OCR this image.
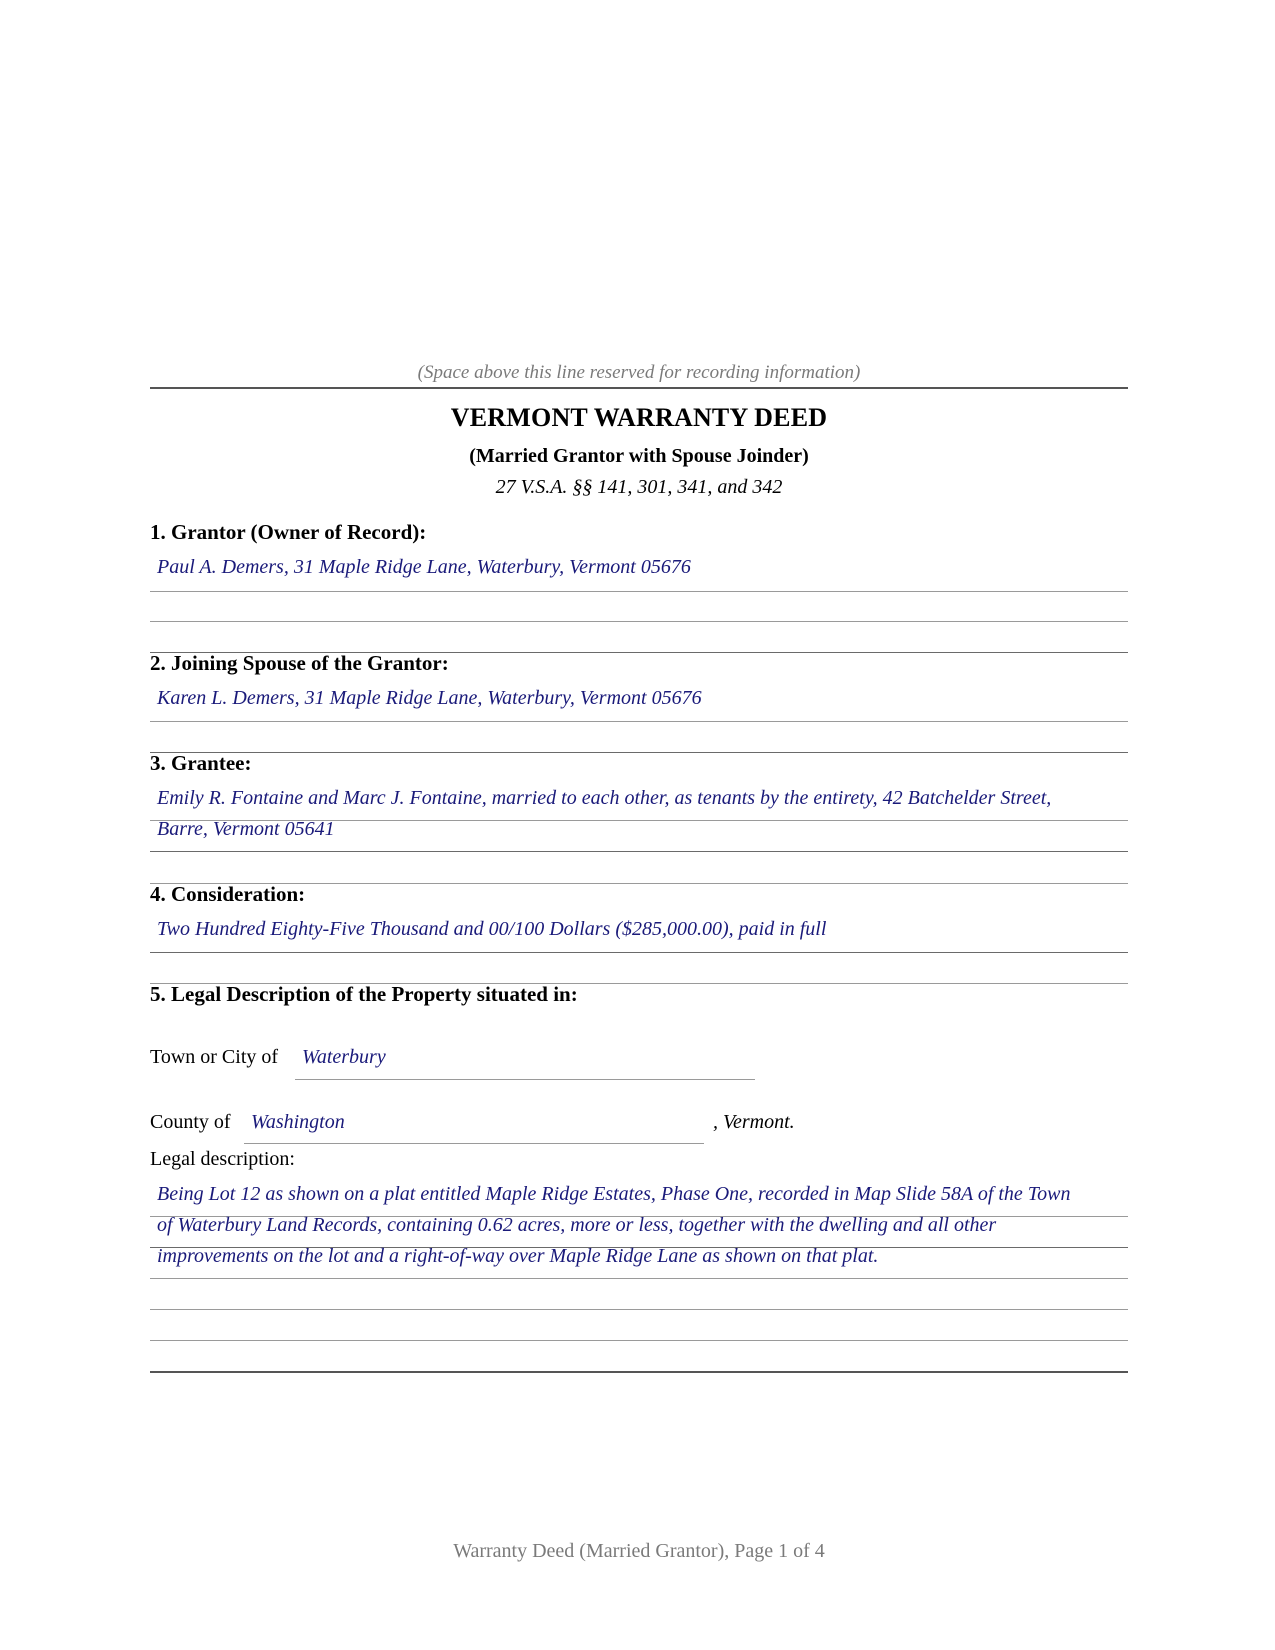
(Space above this line reserved for recording information)
VERMONT WARRANTY DEED
(Married Grantor with Spouse Joinder)
27 V.S.A. §§ 141, 301, 341, and 342
1. Grantor (Owner of Record):
Paul A. Demers, 31 Maple Ridge Lane, Waterbury, Vermont 05676
2. Joining Spouse of the Grantor:
Karen L. Demers, 31 Maple Ridge Lane, Waterbury, Vermont 05676
3. Grantee:
Emily R. Fontaine and Marc J. Fontaine, married to each other, as tenants by the entirety, 42 Batchelder Street,
Barre, Vermont 05641
4. Consideration:
Two Hundred Eighty-Five Thousand and 00/100 Dollars ($285,000.00), paid in full
5. Legal Description of the Property situated in:
Town or City of Waterbury
County of Washington	, Vermont.
Legal description:
Being Lot 12 as shown on a plat entitled Maple Ridge Estates, Phase One, recorded in Map Slide 58A of the Town
of Waterbury Land Records, containing 0.62 acres, more or less, together with the dwelling and all other
improvements on the lot and a right-of-way over Maple Ridge Lane as shown on that plat.
Warranty Deed (Married Grantor), Page 1 of 4
